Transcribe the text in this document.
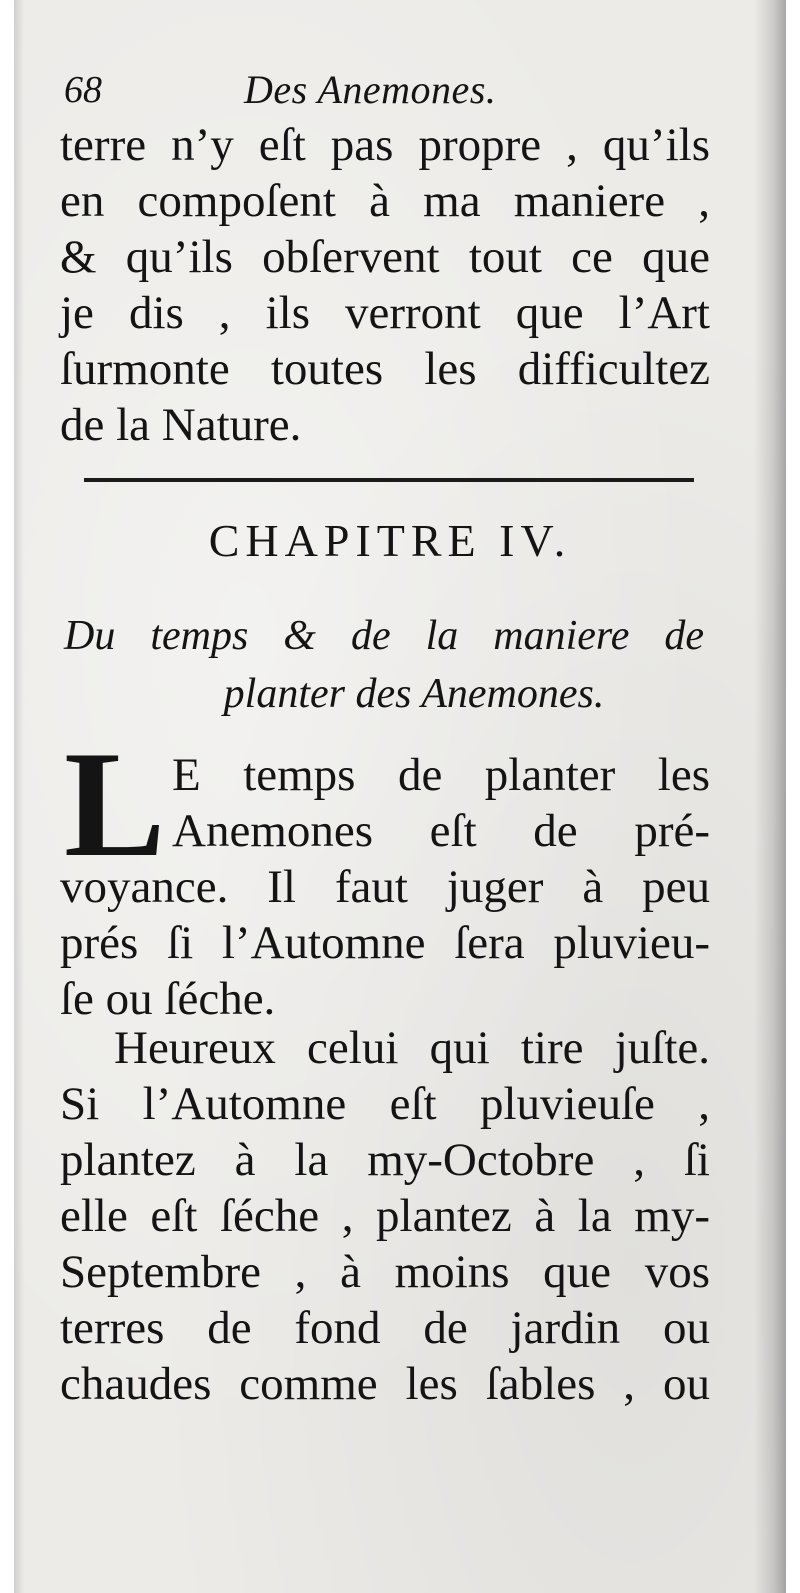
68	Des Anemones.
terre n’y eſt pas propre , qu’ils
en compoſent à ma maniere ,
& qu’ils obſervent tout ce que
je dis , ils verront que l’Art
ſurmonte toutes les difficultez
de la Nature.
CHAPITRE IV.
Du temps & de la maniere de
planter des Anemones.
L E temps de planter les
Anemones eſt de pré-
voyance. Il faut juger à peu
prés ſi l’Automne ſera pluvieu-
ſe ou ſéche.
Heureux celui qui tire juſte.
Si l’Automne eſt pluvieuſe ,
plantez à la my-Octobre , ſi
elle eſt ſéche , plantez à la my-
Septembre , à moins que vos
terres de fond de jardin ou
chaudes comme les ſables , ou
